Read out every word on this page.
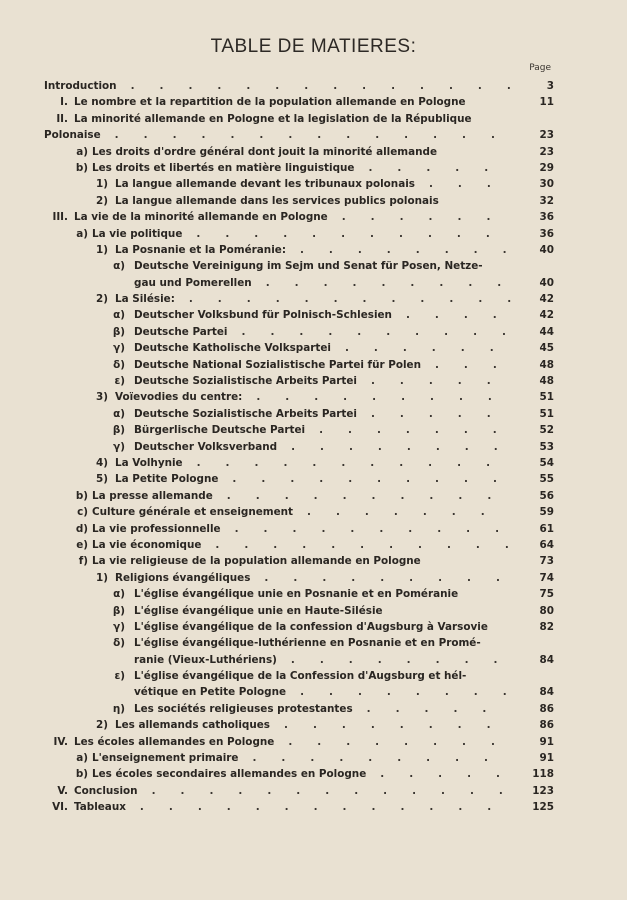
TABLE DE MATIERES:
Page
Introduction	3
..............
I. Le nombre et la repartition de la population allemande en Pologne	11
II. La minorité allemande en Pologne et la legislation de la République
Polonaise	23
..............
a) Les droits d'ordre général dont jouit la minorité allemande	23
b) Les droits et libertés en matière linguistique	29
.....
1) La langue allemande devant les tribunaux polonais	30
...
2) La langue allemande dans les services publics polonais	32
III. La vie de la minorité allemande en Pologne	36
......
a) La vie politique	36
...........
1) La Posnanie et la Poméranie:	40
........
α) Deutsche Vereinigung im Sejm und Senat für Posen, Netze-
gau und Pomerellen	40
.........
2) La Silésie:	42
............
α) Deutscher Volksbund für Polnisch-Schlesien	42
....
β) Deutsche Partei	44
..........
γ) Deutsche Katholische Volkspartei	45
......
δ) Deutsche National Sozialistische Partei für Polen	48
...
ε) Deutsche Sozialistische Arbeits Partei	48
.....
3) Voïevodies du centre:	51
.........
α) Deutsche Sozialistische Arbeits Partei	51
.....
β) Bürgerlische Deutsche Partei	52
.......
γ) Deutscher Volksverband	53
........
4) La Volhynie	54
...........
5) La Petite Pologne	55
..........
b) La presse allemande	56
..........
c) Culture générale et enseignement	59
.......
d) La vie professionnelle	61
..........
e) La vie économique	64
...........
f) La vie religieuse de la population allemande en Pologne	73
1) Religions évangéliques	74
.........
α) L'église évangélique unie en Posnanie et en Poméranie	75
β) L'église évangélique unie en Haute-Silésie	80
γ) L'église évangélique de la confession d'Augsburg à Varsovie	82
δ) L'église évangélique-luthérienne en Posnanie et en Promé-
ranie (Vieux-Luthériens)	84
........
ε) L'église évangélique de la Confession d'Augsburg et hél-
vétique en Petite Pologne	84
........
η) Les sociétés religieuses protestantes	86
.....
2) Les allemands catholiques	86
........
IV. Les écoles allemandes en Pologne	91
........
a) L'enseignement primaire	91
.........
b) Les écoles secondaires allemandes en Pologne	118
.....
V. Conclusion	123
.............
VI. Tableaux	125
.............
